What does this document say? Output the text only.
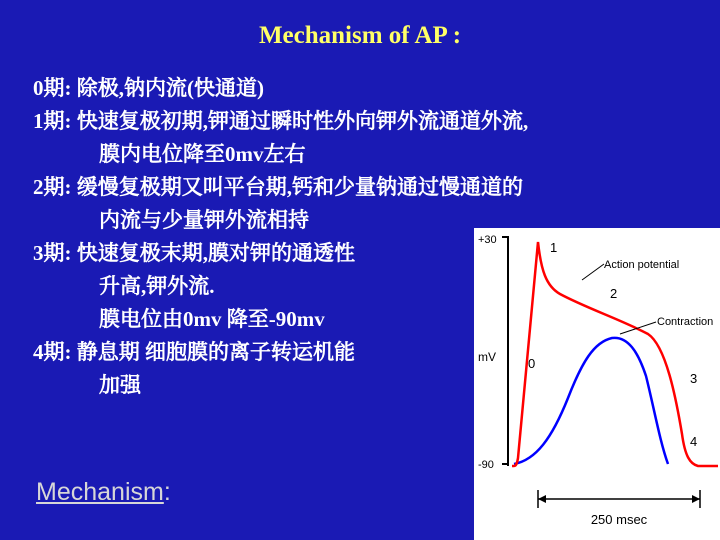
Mechanism of AP :
0期: 除极,钠内流(快通道)
1期: 快速复极初期,钾通过瞬时性外向钾外流通道外流,
膜内电位降至0mv左右
2期: 缓慢复极期又叫平台期,钙和少量钠通过慢通道的
内流与少量钾外流相持
3期: 快速复极末期,膜对钾的通透性
升高,钾外流.
膜电位由0mv 降至-90mv
4期: 静息期 细胞膜的离子转运机能
加强
Mechanism:
+30
-90
mV 0
1
2
3
4
Action potential
Contraction
250 msec
